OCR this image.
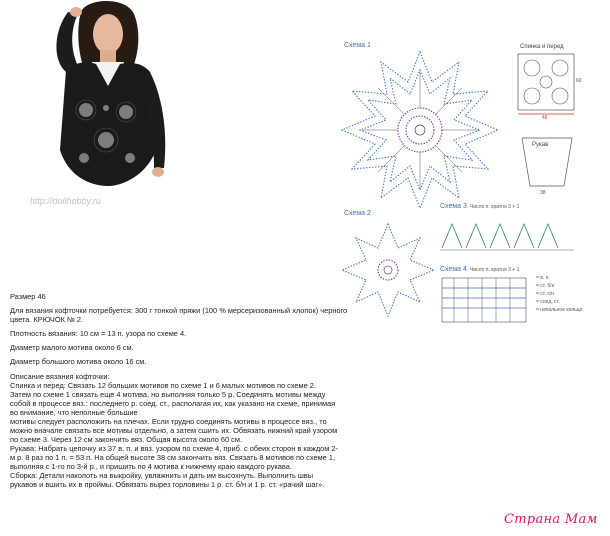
http://dolihobby.ru
Схема 1	Спинка и перед
46
60
Рукав
38
Схема 2
Схема 3 Число п. кратно 3 + 1
Схема 4 Число п. кратно 3 + 1
= в. п.
= ст. б/н
= ст. с/н
= соед. ст.
= начальное кольцо

Размер 46

Для вязания кофточки потребуется: 300 г тонкой пряжи (100 % мерсеризованный хлопок) черного цвета. КРЮЧОК № 2.

Плотность вязания: 10 см = 13 п. узора по схеме 4.

Диаметр малого мотива около 6 см.

Диаметр большого мотива около 16 см.

Описание вязания кофточки:
Спинка и перед: Связать 12 больших мотивов по схеме 1 и 6 малых мотивов по схеме 2.
Затем по схеме 1 связать еще 4 мотива, но выполняя только 5 р. Соединять мотивы между
собой в процессе вяз.: последнего р. соед. ст., располагая их, как указано на схеме, принимая
во внимание, что неполные большие
мотивы следует расположить на плечах. Если трудно соединять мотивы в процессе вяз., то
можно вначале связать все мотивы отдельно, а затем сшить их. Обвязать нижний край узором
по схеме 3. Через 12 см закончить вяз. Общая высота около 60 см.
Рукава: Набрать цепочку из 37 в. п. и вяз. узором по схеме 4, приб. с обеих сторон в каждом 2-
м р. 8 раз по 1 п. = 53 п. На общей высоте 38 см закончить вяз. Связать 8 мотивов по схеме 1,
выполняя с 1-го по 3-й р., и пришить по 4 мотива к нижнему краю каждого рукава.
Сборка: Детали наколоть на выкройку, увлажнить и дать им высохнуть. Выполнить швы
рукавов и вшить их в проймы. Обвязать вырез горловины 1 р. ст. б/н и 1 р. ст. «рачий шаг».
Страна Мам
